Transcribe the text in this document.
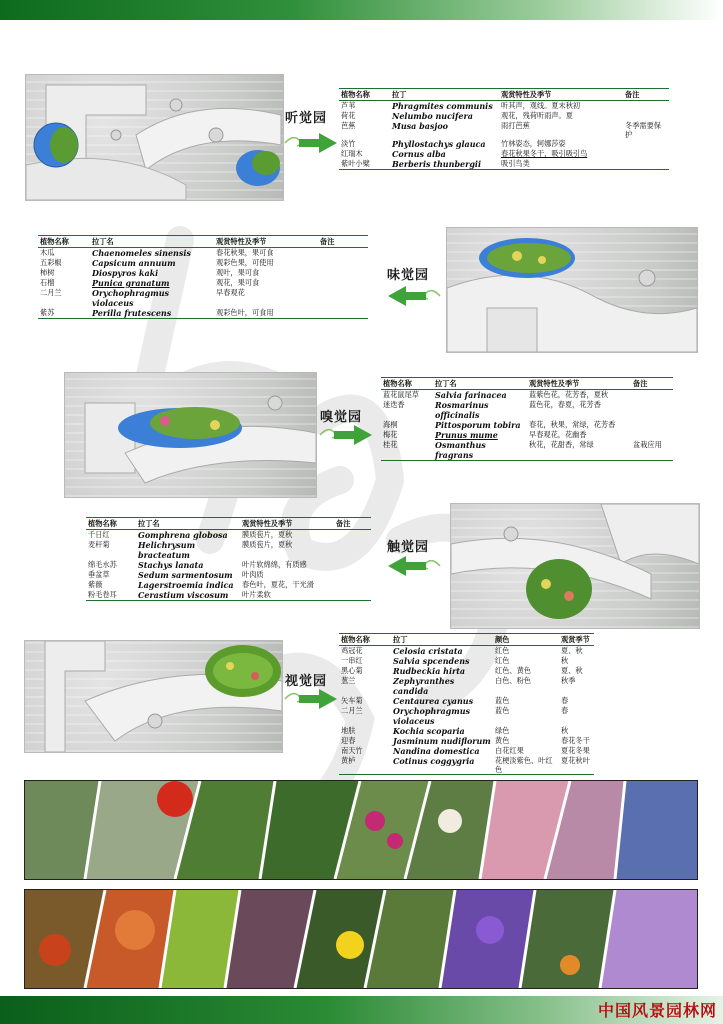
听觉园
植物名称	拉丁	观赏特性及季节	备注
芦苇	Phragmites communis	听其声，观线。夏末秋初	
荷花	Nelumbo nucifera	观花，残荷听雨声。夏	
芭蕉	Musa basjoo	雨打芭蕉	冬季需要保护
淡竹	Phyllostachys glauca	竹林姿态，轲娜莎姿	
红瑞木	Cornus alba	春花秋果冬干，吸引吸引鸟	
紫叶小檗	Berberis thunbergii	吸引鸟类	
植物名称	拉丁名	观赏特性及季节	备注
木瓜	Chaenomeles sinensis	春花秋果，果可食	
五彩椒	Capsicum annuum	观彩色果，可使用	
柿树	Diospyros kaki	观叶，果可食	
石榴	Punica granatum	观花，果可食	
二月兰	Orychophragmus violaceus	早春观花	
紫苏	Perilla frutescens	观彩色叶，可食用	
味觉园
嗅觉园
植物名称	拉丁名	观赏特性及季节	备注
蓝花鼠尾草	Salvia farinacea	蓝紫色花，花芳香，夏秋	
迷迭香	Rosmarinus officinalis	蓝色花，春夏，花芳香	
海桐	Pittosporum tobira	春花，秋果，常绿，花芳香	
梅花	Prunus mume	早春观花，花幽香	
桂花	Osmanthus fragrans	秋花，花甜香，常绿	盆栽应用
植物名称	拉丁名	观赏特性及季节	备注
千日红	Gomphrena globosa	膜质苞片，夏秋	
麦秆菊	Helichrysum bracteatum	膜质苞片，夏秋	
绵毛水苏	Stachys lanata	叶片软绵绵，有质感	
垂盆草	Sedum sarmentosum	叶肉质	
紫薇	Lagerstroemia indica	春色叶，夏花，干光滑	
粉毛卷耳	Cerastium viscosum	叶片柔软	
触觉园
视觉园
植物名称	拉丁	颜色	观赏季节
鸡冠花	Celosia cristata	红色	夏、秋
一串红	Salvia spcendens	红色	秋
黑心菊	Rudbeckia hirta	红色、黄色	夏、秋
葱兰	Zephyranthes candida	白色、粉色	秋季
矢车菊	Centaurea cyanus	蓝色	春
二月兰	Orychophragmus violaceus	蓝色	春
地肤	Kochia scoparia	绿色	秋
迎春	Jasminum nudiflorum	黄色	春花冬干
南天竹	Nandina domestica	白花红果	夏花冬果
黄栌	Cotinus coggygria	花梗淡紫色、叶红色	夏花秋叶
中国风景园林网
